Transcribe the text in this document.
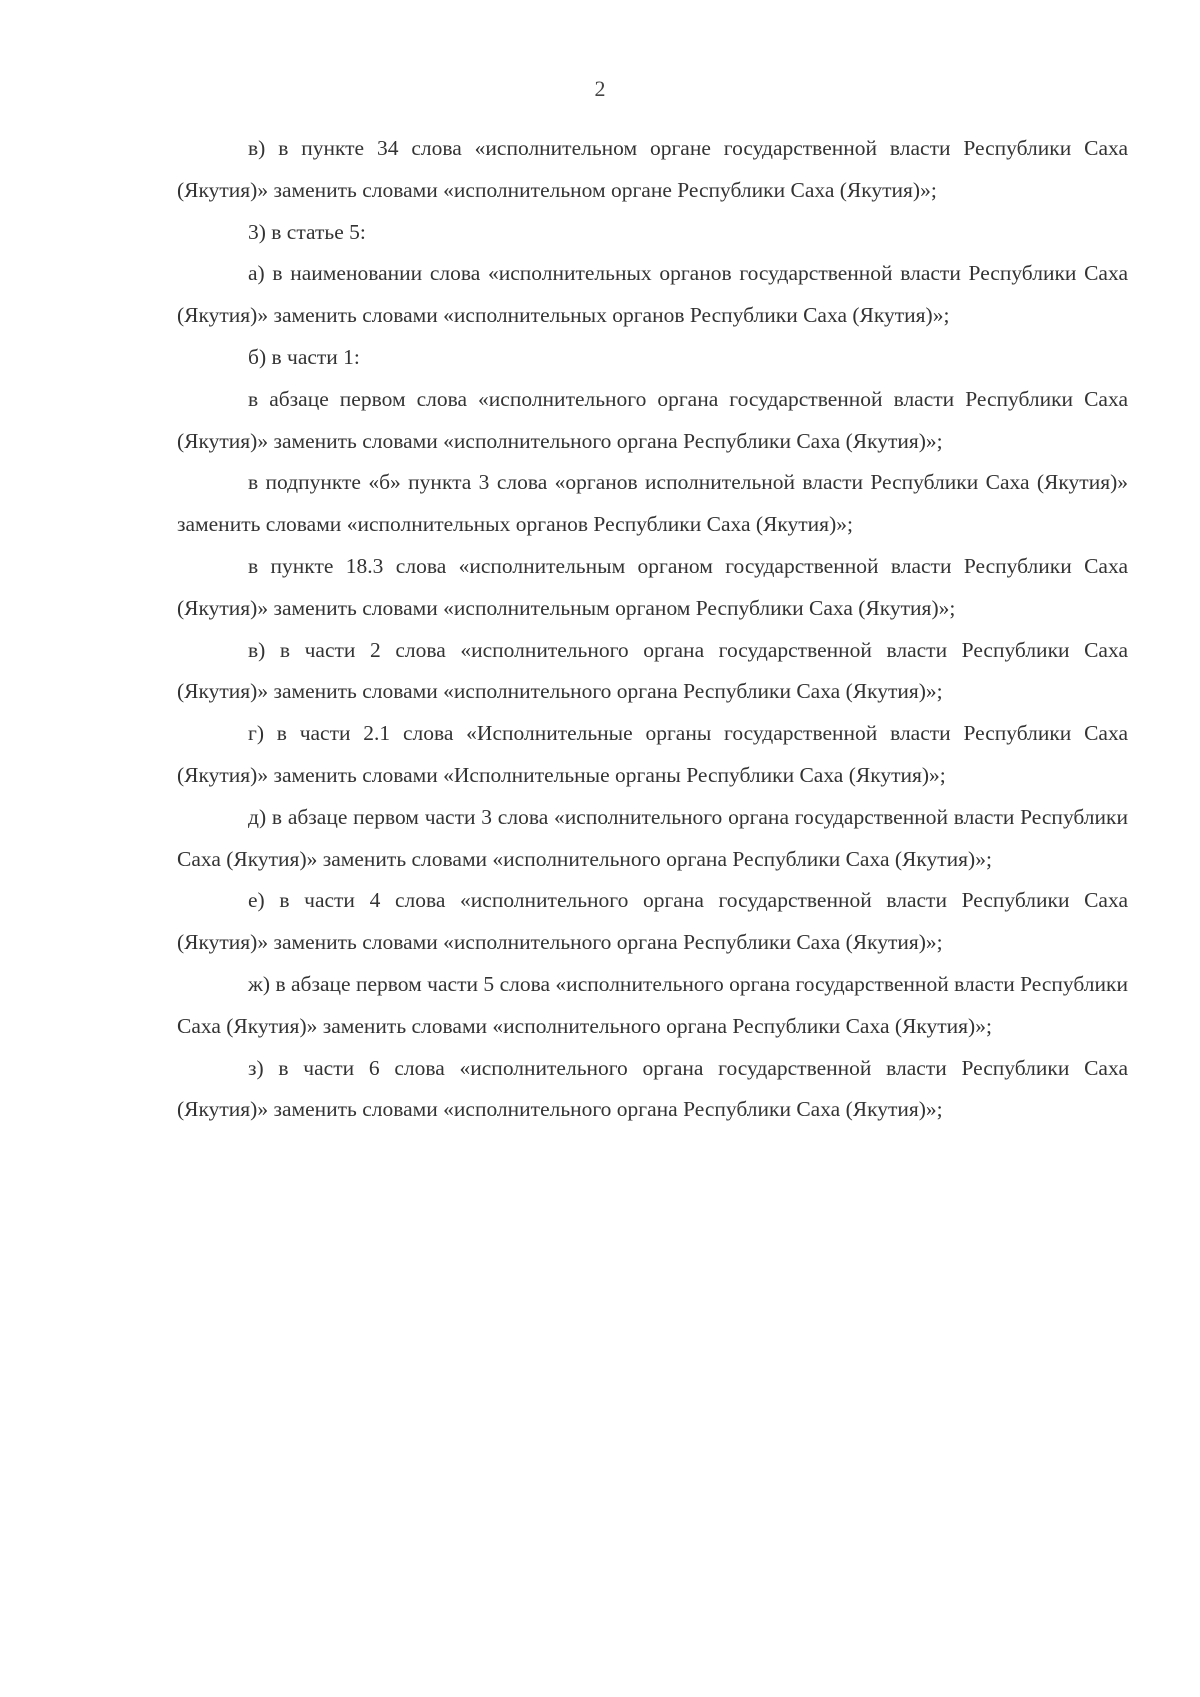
2

в) в пункте 34 слова «исполнительном органе государственной власти Республики Саха (Якутия)» заменить словами «исполнительном органе Республики Саха (Якутия)»;

3) в статье 5:

а) в наименовании слова «исполнительных органов государственной власти Республики Саха (Якутия)» заменить словами «исполнительных органов Республики Саха (Якутия)»;

б) в части 1:

в абзаце первом слова «исполнительного органа государственной власти Республики Саха (Якутия)» заменить словами «исполнительного органа Республики Саха (Якутия)»;

в подпункте «б» пункта 3 слова «органов исполнительной власти Республики Саха (Якутия)» заменить словами «исполнительных органов Республики Саха (Якутия)»;

в пункте 18.3 слова «исполнительным органом государственной власти Республики Саха (Якутия)» заменить словами «исполнительным органом Республики Саха (Якутия)»;

в) в части 2 слова «исполнительного органа государственной власти Республики Саха (Якутия)» заменить словами «исполнительного органа Республики Саха (Якутия)»;

г) в части 2.1 слова «Исполнительные органы государственной власти Республики Саха (Якутия)» заменить словами «Исполнительные органы Республики Саха (Якутия)»;

д) в абзаце первом части 3 слова «исполнительного органа государственной власти Республики Саха (Якутия)» заменить словами «исполнительного органа Республики Саха (Якутия)»;

е) в части 4 слова «исполнительного органа государственной власти Республики Саха (Якутия)» заменить словами «исполнительного органа Республики Саха (Якутия)»;

ж) в абзаце первом части 5 слова «исполнительного органа государственной власти Республики Саха (Якутия)» заменить словами «исполнительного органа Республики Саха (Якутия)»;

з) в части 6 слова «исполнительного органа государственной власти Республики Саха (Якутия)» заменить словами «исполнительного органа Республики Саха (Якутия)»;
